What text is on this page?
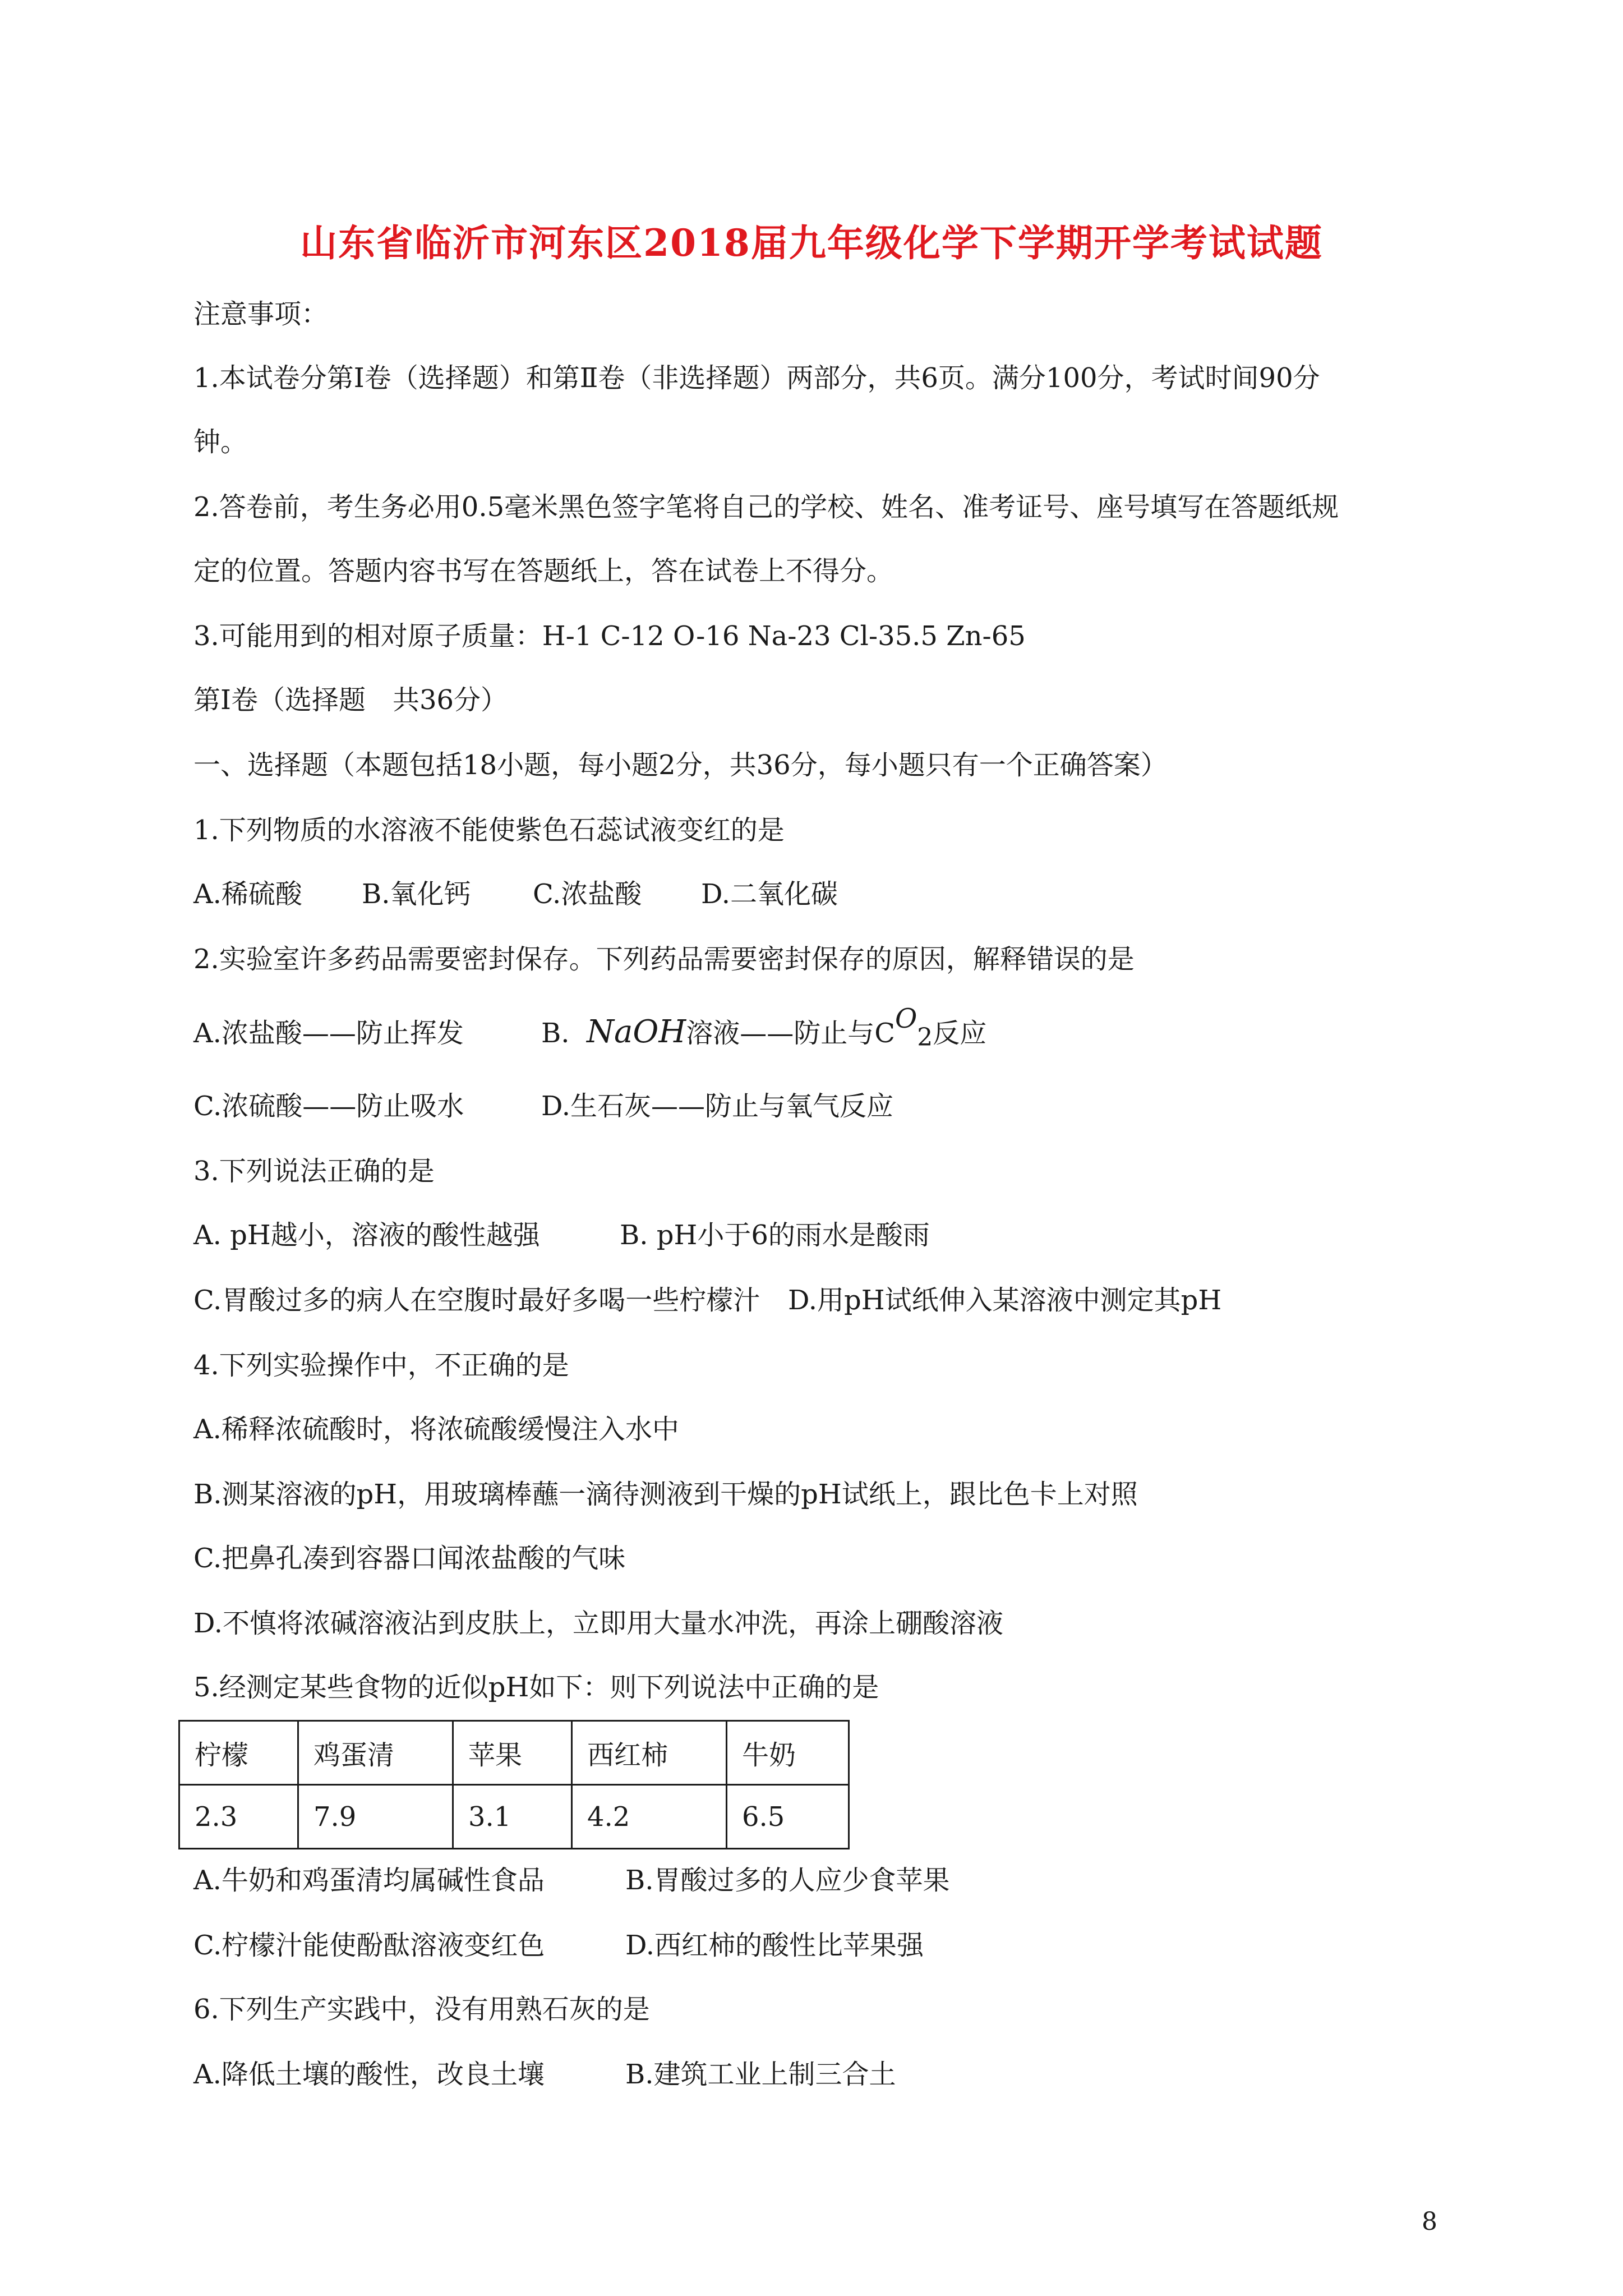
山东省临沂市河东区2018届九年级化学下学期开学考试试题
注意事项：
1.本试卷分第Ⅰ卷（选择题）和第Ⅱ卷（非选择题）两部分，共6页。满分100分，考试时间90分
钟。
2.答卷前，考生务必用0.5毫米黑色签字笔将自己的学校、姓名、准考证号、座号填写在答题纸规
定的位置。答题内容书写在答题纸上，答在试卷上不得分。
3.可能用到的相对原子质量：H-1 C-12 O-16 Na-23 Cl-35.5 Zn-65
第Ⅰ卷（选择题　共36分）
一、选择题（本题包括18小题，每小题2分，共36分，每小题只有一个正确答案）
1.下列物质的水溶液不能使紫色石蕊试液变红的是
A.稀硫酸 B.氧化钙 C.浓盐酸 D.二氧化碳
2.实验室许多药品需要密封保存。下列药品需要密封保存的原因，解释错误的是
A.浓盐酸——防止挥发	B. NaOH溶液——防止与CO2反应
C.浓硫酸——防止吸水	D.生石灰——防止与氧气反应
3.下列说法正确的是
A. pH越小，溶液的酸性越强	B. pH小于6的雨水是酸雨
C.胃酸过多的病人在空腹时最好多喝一些柠檬汁 D.用pH试纸伸入某溶液中测定其pH
4.下列实验操作中，不正确的是
A.稀释浓硫酸时，将浓硫酸缓慢注入水中
B.测某溶液的pH，用玻璃棒蘸一滴待测液到干燥的pH试纸上，跟比色卡上对照
C.把鼻孔凑到容器口闻浓盐酸的气味
D.不慎将浓碱溶液沾到皮肤上，立即用大量水冲洗，再涂上硼酸溶液
5.经测定某些食物的近似pH如下：则下列说法中正确的是
柠檬	鸡蛋清	苹果	西红柿	牛奶
2.3	7.9	3.1	4.2	6.5
A.牛奶和鸡蛋清均属碱性食品	B.胃酸过多的人应少食苹果
C.柠檬汁能使酚酞溶液变红色	D.西红柿的酸性比苹果强
6.下列生产实践中，没有用熟石灰的是
A.降低土壤的酸性，改良土壤	B.建筑工业上制三合土
8
